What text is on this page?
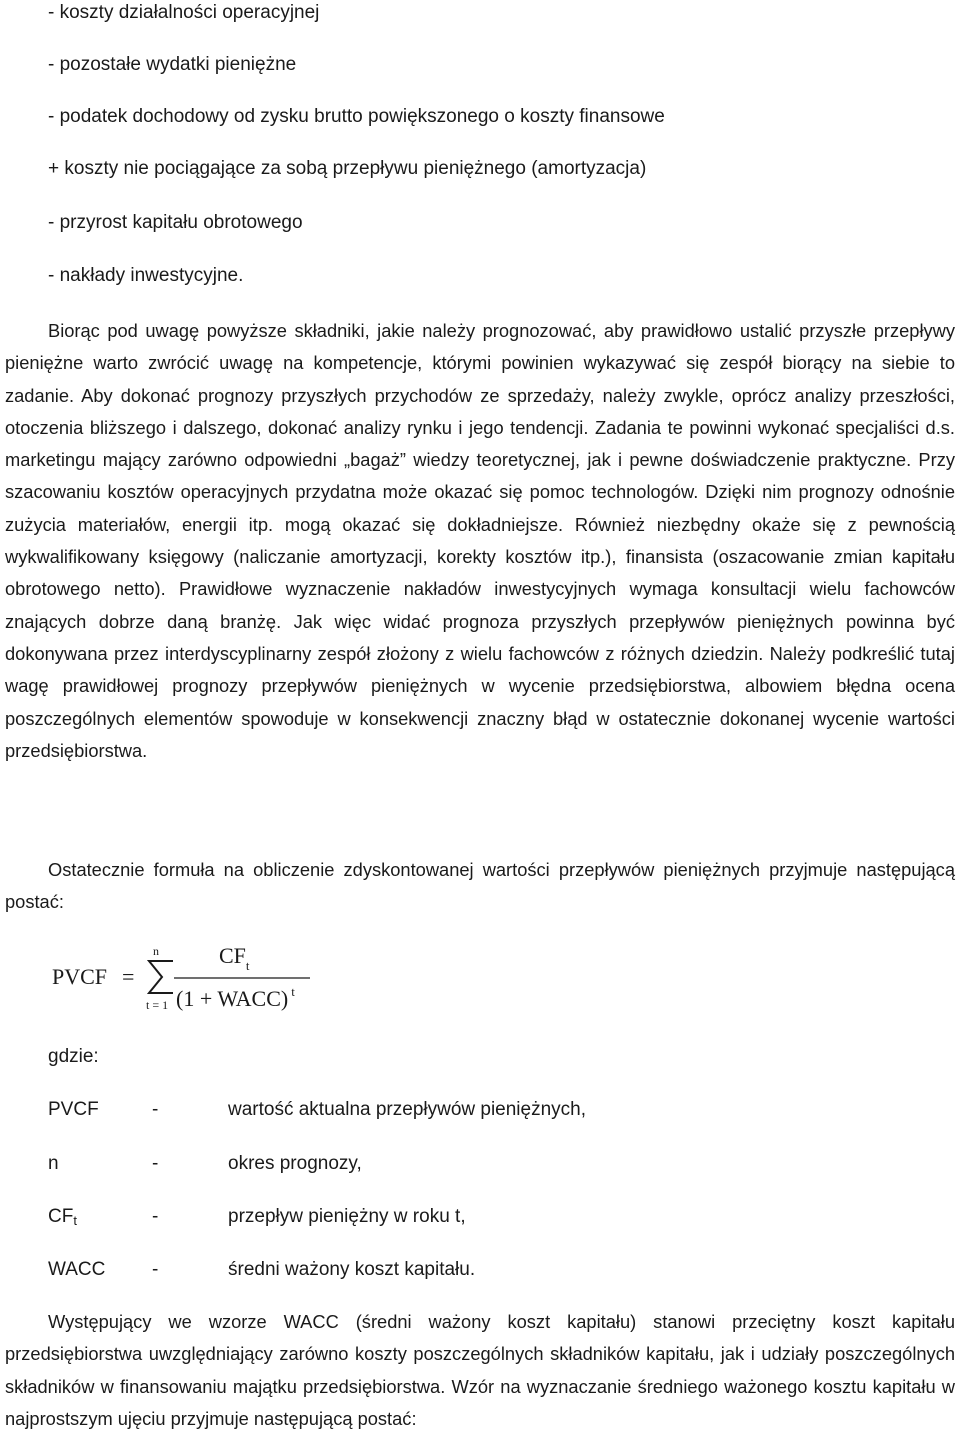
- koszty działalności operacyjnej
- pozostałe wydatki pieniężne
- podatek dochodowy od zysku brutto powiększonego o koszty finansowe
+ koszty nie pociągające za sobą przepływu pieniężnego (amortyzacja)
- przyrost kapitału obrotowego
- nakłady inwestycyjne.

Biorąc pod uwagę powyższe składniki, jakie należy prognozować, aby prawidłowo ustalić przyszłe przepływy pieniężne warto zwrócić uwagę na kompetencje, którymi powinien wykazywać się zespół biorący na siebie to zadanie. Aby dokonać prognozy przyszłych przychodów ze sprzedaży, należy zwykle, oprócz analizy przeszłości, otoczenia bliższego i dalszego, dokonać analizy rynku i jego tendencji. Zadania te powinni wykonać specjaliści d.s. marketingu mający zarówno odpowiedni „bagaż” wiedzy teoretycznej, jak i pewne doświadczenie praktyczne. Przy szacowaniu kosztów operacyjnych przydatna może okazać się pomoc technologów. Dzięki nim prognozy odnośnie zużycia materiałów, energii itp. mogą okazać się dokładniejsze. Również niezbędny okaże się z pewnością wykwalifikowany księgowy (naliczanie amortyzacji, korekty kosztów itp.), finansista (oszacowanie zmian kapitału obrotowego netto). Prawidłowe wyznaczenie nakładów inwestycyjnych wymaga konsultacji wielu fachowców znających dobrze daną branżę. Jak więc widać prognoza przyszłych przepływów pieniężnych powinna być dokonywana przez interdyscyplinarny zespół złożony z wielu fachowców z różnych dziedzin. Należy podkreślić tutaj wagę prawidłowej prognozy przepływów pieniężnych w wycenie przedsiębiorstwa, albowiem błędna ocena poszczególnych elementów spowoduje w konsekwencji znaczny błąd w ostatecznie dokonanej wycenie wartości przedsiębiorstwa.

Ostatecznie formuła na obliczenie zdyskontowanej wartości przepływów pieniężnych przyjmuje następującą postać:

PVCF =
n
t = 1
$CF_t$
(1 + WACC) $^t$
gdzie:
PVCF	-	wartość aktualna przepływów pieniężnych,
n	-	okres prognozy,
$CF_t$	-	przepływ pieniężny w roku t,
WACC -	średni ważony koszt kapitału.

Występujący we wzorze WACC (średni ważony koszt kapitału) stanowi przeciętny koszt kapitału przedsiębiorstwa uwzględniający zarówno koszty poszczególnych składników kapitału, jak i udziały poszczególnych składników w finansowaniu majątku przedsiębiorstwa. Wzór na wyznaczanie średniego ważonego kosztu kapitału w najprostszym ujęciu przyjmuje następującą postać:
